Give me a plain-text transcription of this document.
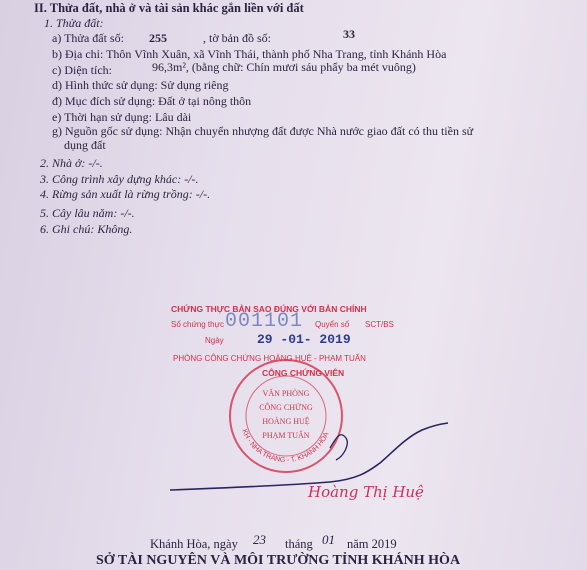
II. Thửa đất, nhà ở và tài sản khác gắn liền với đất
1. Thửa đất:
a) Thửa đất số: 255	, tờ bản đồ số:	33
b) Địa chỉ: Thôn Vĩnh Xuân, xã Vĩnh Thái, thành phố Nha Trang, tỉnh Khánh Hòa
c) Diện tích:	96,3m², (bằng chữ: Chín mươi sáu phẩy ba mét vuông)
d) Hình thức sử dụng: Sử dụng riêng
đ) Mục đích sử dụng: Đất ở tại nông thôn
e) Thời hạn sử dụng: Lâu dài
g) Nguồn gốc sử dụng: Nhận chuyển nhượng đất được Nhà nước giao đất có thu tiền sử
dụng đất
2. Nhà ở: -/-.
3. Công trình xây dựng khác: -/-.
4. Rừng sản xuất là rừng trồng: -/-.
5. Cây lâu năm: -/-.
6. Ghi chú: Không.
CHỨNG THỰC BẢN SAO ĐÚNG VỚI BẢN CHÍNH
Số chứng thực 001101 Quyển số SCT/BS
Ngày	29 -01- 2019
PHÒNG CÔNG CHỨNG HOÀNG HUỆ - PHẠM TUẤN
CÔNG CHỨNG VIÊN
KH - NHA TRANG - T. KHÁNH HÒA
VĂN PHÒNG
CÔNG CHỨNG
HOÀNG HUỆ
PHẠM TUẤN
Hoàng Thị Huệ
Khánh Hòa, ngày 23 tháng 01 năm 2019
SỞ TÀI NGUYÊN VÀ MÔI TRƯỜNG TỈNH KHÁNH HÒA
